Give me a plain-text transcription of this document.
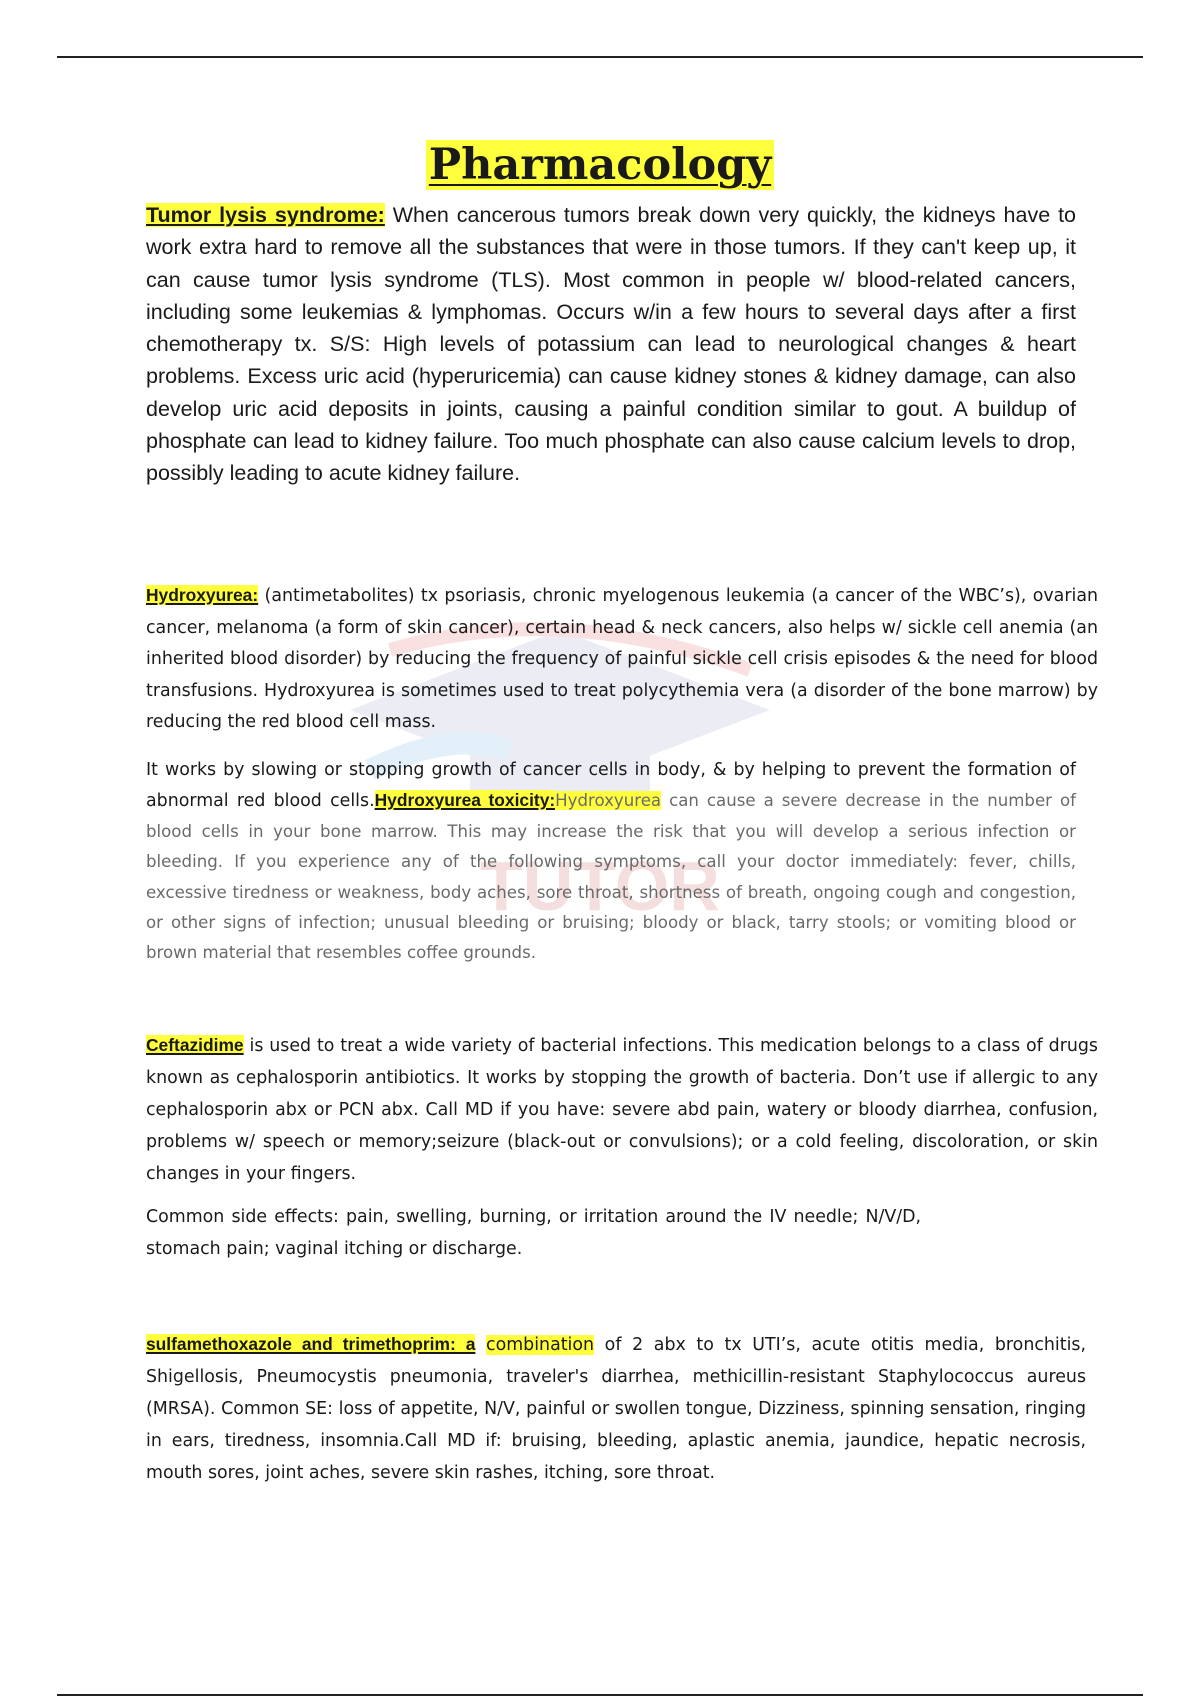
TUTOR
Pharmacology

Tumor lysis syndrome: When cancerous tumors break down very quickly, the kidneys have to work extra hard to remove all the substances that were in those tumors. If they can't keep up, it can cause tumor lysis syndrome (TLS). Most common in people w/ blood-related cancers, including some leukemias & lymphomas. Occurs w/in a few hours to several days after a first chemotherapy tx. S/S: High levels of potassium can lead to neurological changes & heart problems. Excess uric acid (hyperuricemia) can cause kidney stones & kidney damage, can also develop uric acid deposits in joints, causing a painful condition similar to gout. A buildup of phosphate can lead to kidney failure. Too much phosphate can also cause calcium levels to drop, possibly leading to acute kidney failure.

Hydroxyurea: (antimetabolites) tx psoriasis, chronic myelogenous leukemia (a cancer of the WBC’s), ovarian cancer, melanoma (a form of skin cancer), certain head & neck cancers, also helps w/ sickle cell anemia (an inherited blood disorder) by reducing the frequency of painful sickle cell crisis episodes & the need for blood transfusions. Hydroxyurea is sometimes used to treat polycythemia vera (a disorder of the bone marrow) by reducing the red blood cell mass.

It works by slowing or stopping growth of cancer cells in body, & by helping to prevent the formation of abnormal red blood cells.Hydroxyurea toxicity:Hydroxyurea can cause a severe decrease in the number of blood cells in your bone marrow. This may increase the risk that you will develop a serious infection or bleeding. If you experience any of the following symptoms, call your doctor immediately: fever, chills, excessive tiredness or weakness, body aches, sore throat, shortness of breath, ongoing cough and congestion, or other signs of infection; unusual bleeding or bruising; bloody or black, tarry stools; or vomiting blood or brown material that resembles coffee grounds.

Ceftazidime is used to treat a wide variety of bacterial infections. This medication belongs to a class of drugs known as cephalosporin antibiotics. It works by stopping the growth of bacteria. Don’t use if allergic to any cephalosporin abx or PCN abx. Call MD if you have: severe abd pain, watery or bloody diarrhea, confusion, problems w/ speech or memory;seizure (black-out or convulsions); or a cold feeling, discoloration, or skin changes in your fingers.

Common side effects: pain, swelling, burning, or irritation around the IV needle; N/V/D, stomach pain; vaginal itching or discharge.

sulfamethoxazole and trimethoprim: a combination of 2 abx to tx UTI’s, acute otitis media, bronchitis, Shigellosis, Pneumocystis pneumonia, traveler's diarrhea, methicillin-resistant Staphylococcus aureus (MRSA). Common SE: loss of appetite, N/V, painful or swollen tongue, Dizziness, spinning sensation, ringing in ears, tiredness, insomnia.Call MD if: bruising, bleeding, aplastic anemia, jaundice, hepatic necrosis, mouth sores, joint aches, severe skin rashes, itching, sore throat.
